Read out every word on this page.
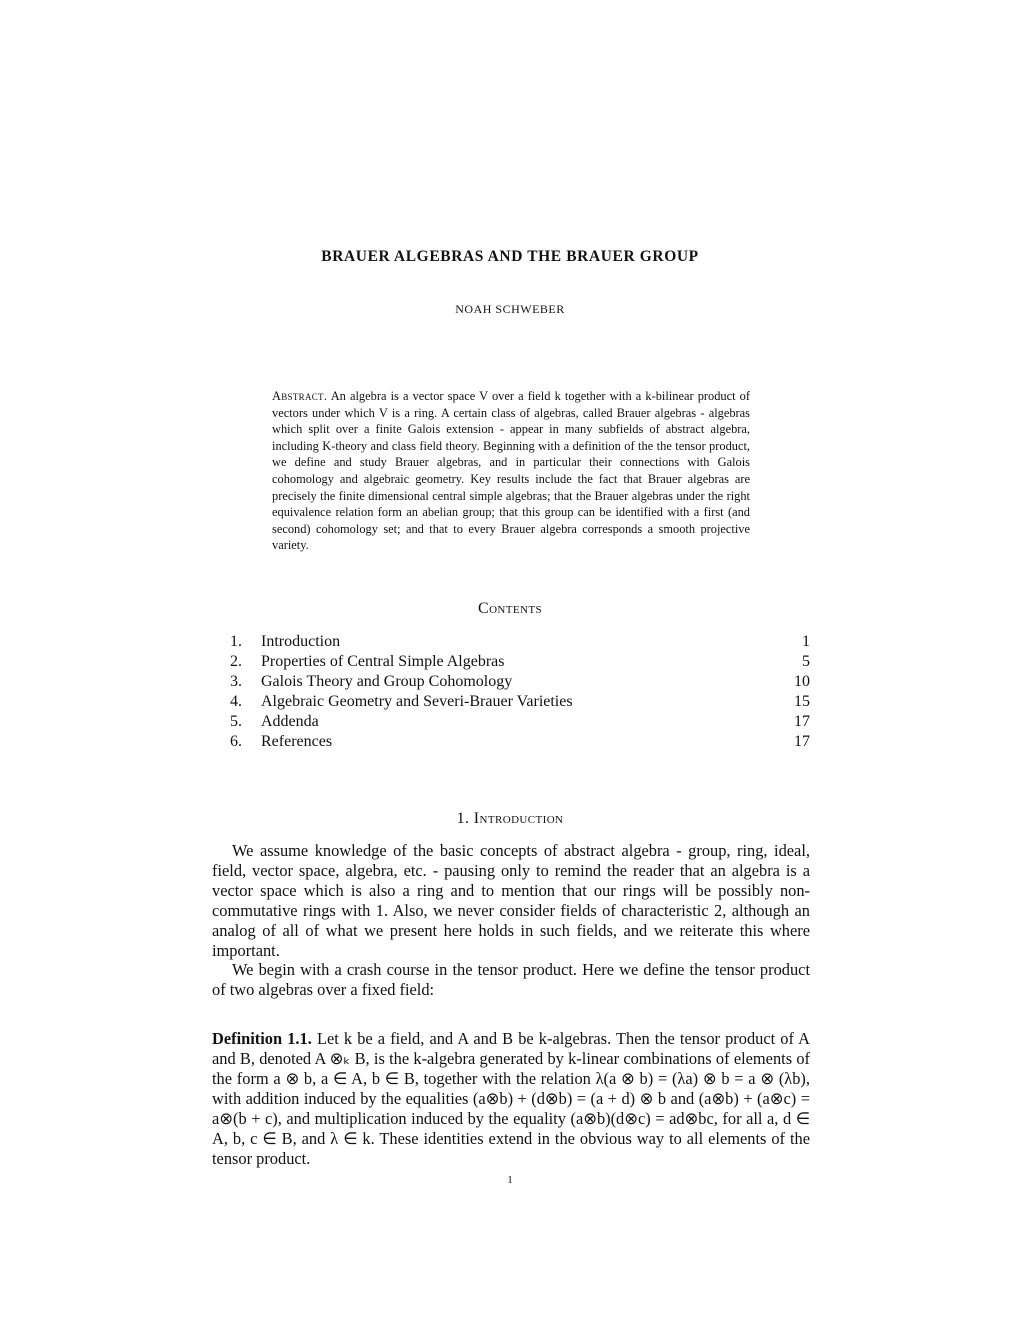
BRAUER ALGEBRAS AND THE BRAUER GROUP
NOAH SCHWEBER
Abstract. An algebra is a vector space V over a field k together with a k-bilinear product of vectors under which V is a ring. A certain class of algebras, called Brauer algebras - algebras which split over a finite Galois extension - appear in many subfields of abstract algebra, including K-theory and class field theory. Beginning with a definition of the the tensor product, we define and study Brauer algebras, and in particular their connections with Galois cohomology and algebraic geometry. Key results include the fact that Brauer algebras are precisely the finite dimensional central simple algebras; that the Brauer algebras under the right equivalence relation form an abelian group; that this group can be identified with a first (and second) cohomology set; and that to every Brauer algebra corresponds a smooth projective variety.
Contents
1. Introduction	1
2. Properties of Central Simple Algebras	5
3. Galois Theory and Group Cohomology	10
4. Algebraic Geometry and Severi-Brauer Varieties	15
5. Addenda	17
6. References	17
1. Introduction
We assume knowledge of the basic concepts of abstract algebra - group, ring, ideal, field, vector space, algebra, etc. - pausing only to remind the reader that an algebra is a vector space which is also a ring and to mention that our rings will be possibly non-commutative rings with 1. Also, we never consider fields of characteristic 2, although an analog of all of what we present here holds in such fields, and we reiterate this where important.
We begin with a crash course in the tensor product. Here we define the tensor product of two algebras over a fixed field:
Definition 1.1. Let k be a field, and A and B be k-algebras. Then the tensor product of A and B, denoted A ⊗ₖ B, is the k-algebra generated by k-linear combinations of elements of the form a ⊗ b, a ∈ A, b ∈ B, together with the relation λ(a ⊗ b) = (λa) ⊗ b = a ⊗ (λb), with addition induced by the equalities (a⊗b) + (d⊗b) = (a + d) ⊗ b and (a⊗b) + (a⊗c) = a⊗(b + c), and multiplication induced by the equality (a⊗b)(d⊗c) = ad⊗bc, for all a, d ∈ A, b, c ∈ B, and λ ∈ k. These identities extend in the obvious way to all elements of the tensor product.
1
